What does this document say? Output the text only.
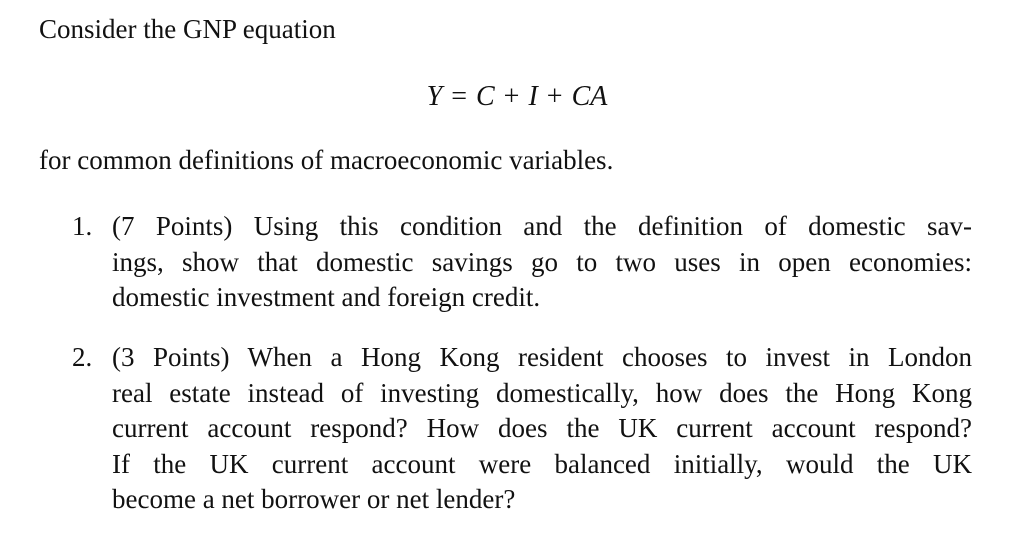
Consider the GNP equation
Y = C + I + CA
for common definitions of macroeconomic variables.
1. (7 Points) Using this condition and the definition of domestic sav-
ings, show that domestic savings go to two uses in open economies:
domestic investment and foreign credit.
2. (3 Points) When a Hong Kong resident chooses to invest in London
real estate instead of investing domestically, how does the Hong Kong
current account respond? How does the UK current account respond?
If the UK current account were balanced initially, would the UK
become a net borrower or net lender?
